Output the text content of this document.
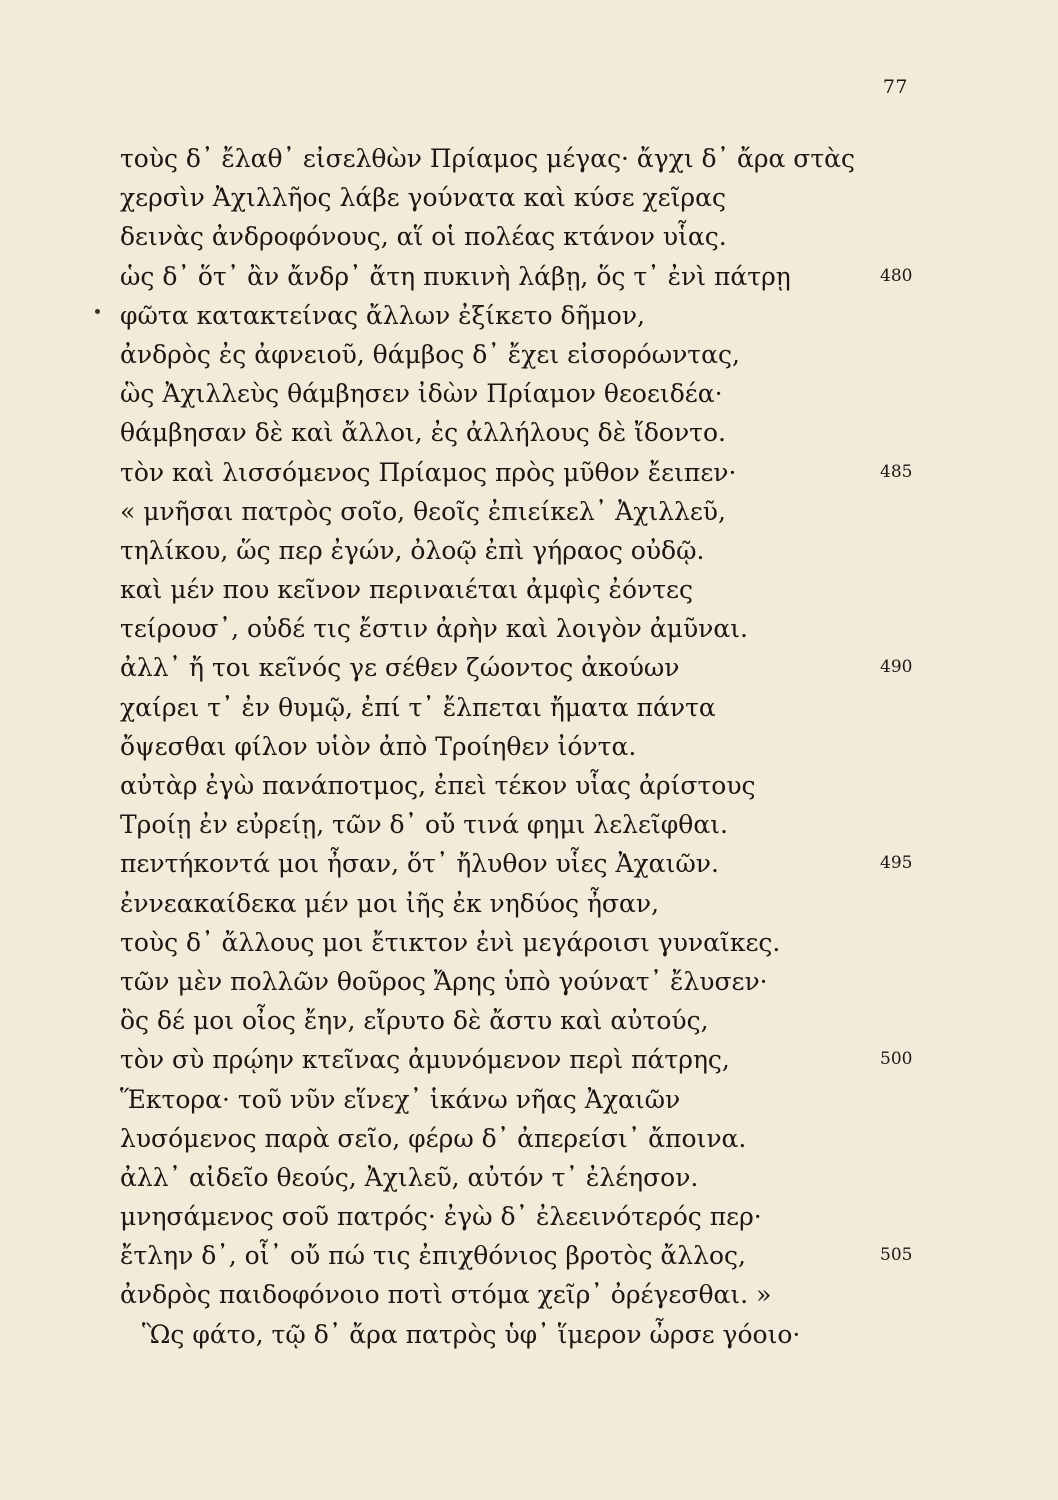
77
τοὺς δ᾽ ἔλαθ᾽ εἰσελθὼν Πρίαμος μέγας· ἄγχι δ᾽ ἄρα στὰς
χερσὶν Ἀχιλλῆος λάβε γούνατα καὶ κύσε χεῖρας
δεινὰς ἀνδροφόνους, αἵ οἱ πολέας κτάνον υἷας.
ὡς δ᾽ ὅτ᾽ ἂν ἄνδρ᾽ ἄτη πυκινὴ λάβῃ, ὅς τ᾽ ἐνὶ πάτρῃ	480
φῶτα κατακτείνας ἄλλων ἐξίκετο δῆμον,
ἀνδρὸς ἐς ἀφνειοῦ, θάμβος δ᾽ ἔχει εἰσορόωντας,
ὣς Ἀχιλλεὺς θάμβησεν ἰδὼν Πρίαμον θεοειδέα·
θάμβησαν δὲ καὶ ἄλλοι, ἐς ἀλλήλους δὲ ἴδοντο.
τὸν καὶ λισσόμενος Πρίαμος πρὸς μῦθον ἔειπεν·	485
« μνῆσαι πατρὸς σοῖο, θεοῖς ἐπιείκελ᾽ Ἀχιλλεῦ,
τηλίκου, ὥς περ ἐγών, ὀλοῷ ἐπὶ γήραος οὐδῷ.
καὶ μέν που κεῖνον περιναιέται ἀμφὶς ἐόντες
τείρουσ᾽, οὐδέ τις ἔστιν ἀρὴν καὶ λοιγὸν ἀμῦναι.
ἀλλ᾽ ἤ τοι κεῖνός γε σέθεν ζώοντος ἀκούων	490
χαίρει τ᾽ ἐν θυμῷ, ἐπί τ᾽ ἔλπεται ἤματα πάντα
ὄψεσθαι φίλον υἱὸν ἀπὸ Τροίηθεν ἰόντα.
αὐτὰρ ἐγὼ πανάποτμος, ἐπεὶ τέκον υἷας ἀρίστους
Τροίῃ ἐν εὐρείῃ, τῶν δ᾽ οὔ τινά φημι λελεῖφθαι.
πεντήκοντά μοι ἦσαν, ὅτ᾽ ἤλυθον υἷες Ἀχαιῶν.	495
ἐννεακαίδεκα μέν μοι ἰῆς ἐκ νηδύος ἦσαν,
τοὺς δ᾽ ἄλλους μοι ἔτικτον ἐνὶ μεγάροισι γυναῖκες.
τῶν μὲν πολλῶν θοῦρος Ἄρης ὑπὸ γούνατ᾽ ἔλυσεν·
ὃς δέ μοι οἶος ἔην, εἴρυτο δὲ ἄστυ καὶ αὐτούς,
τὸν σὺ πρῴην κτεῖνας ἀμυνόμενον περὶ πάτρης,	500
Ἕκτορα· τοῦ νῦν εἵνεχ᾽ ἱκάνω νῆας Ἀχαιῶν
λυσόμενος παρὰ σεῖο, φέρω δ᾽ ἀπερείσι᾽ ἄποινα.
ἀλλ᾽ αἰδεῖο θεούς, Ἀχιλεῦ, αὐτόν τ᾽ ἐλέησον.
μνησάμενος σοῦ πατρός· ἐγὼ δ᾽ ἐλεεινότερός περ·
ἔτλην δ᾽, οἷ᾽ οὔ πώ τις ἐπιχθόνιος βροτὸς ἄλλος,	505
ἀνδρὸς παιδοφόνοιο ποτὶ στόμα χεῖρ᾽ ὀρέγεσθαι. »
Ὣς φάτο, τῷ δ᾽ ἄρα πατρὸς ὑφ᾽ ἵμερον ὦρσε γόοιο·
